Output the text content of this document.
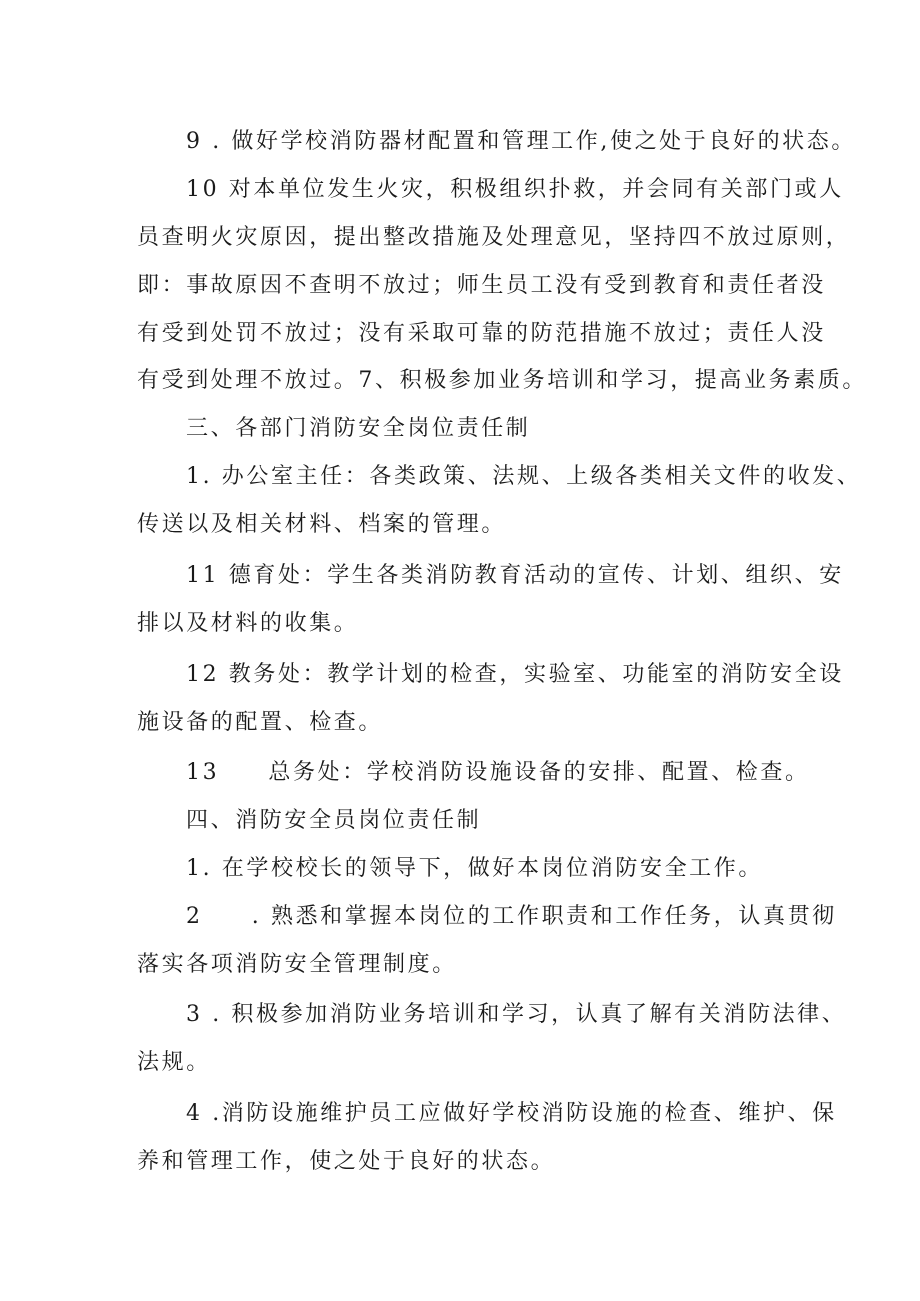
9 . 做好学校消防器材配置和管理工作,使之处于良好的状态。
10 对本单位发生火灾，积极组织扑救，并会同有关部门或人
员查明火灾原因，提出整改措施及处理意见，坚持四不放过原则，
即：事故原因不查明不放过；师生员工没有受到教育和责任者没
有受到处罚不放过；没有采取可靠的防范措施不放过；责任人没
有受到处理不放过。7、积极参加业务培训和学习，提高业务素质。
三、各部门消防安全岗位责任制
1. 办公室主任：各类政策、法规、上级各类相关文件的收发、
传送以及相关材料、档案的管理。
11 德育处：学生各类消防教育活动的宣传、计划、组织、安
排以及材料的收集。
12 教务处：教学计划的检查，实验室、功能室的消防安全设
施设备的配置、检查。
13　　总务处：学校消防设施设备的安排、配置、检查。
四、消防安全员岗位责任制
1. 在学校校长的领导下，做好本岗位消防安全工作。
2　　. 熟悉和掌握本岗位的工作职责和工作任务，认真贯彻
落实各项消防安全管理制度。
3 . 积极参加消防业务培训和学习，认真了解有关消防法律、
法规。
4 .消防设施维护员工应做好学校消防设施的检查、维护、保
养和管理工作，使之处于良好的状态。
